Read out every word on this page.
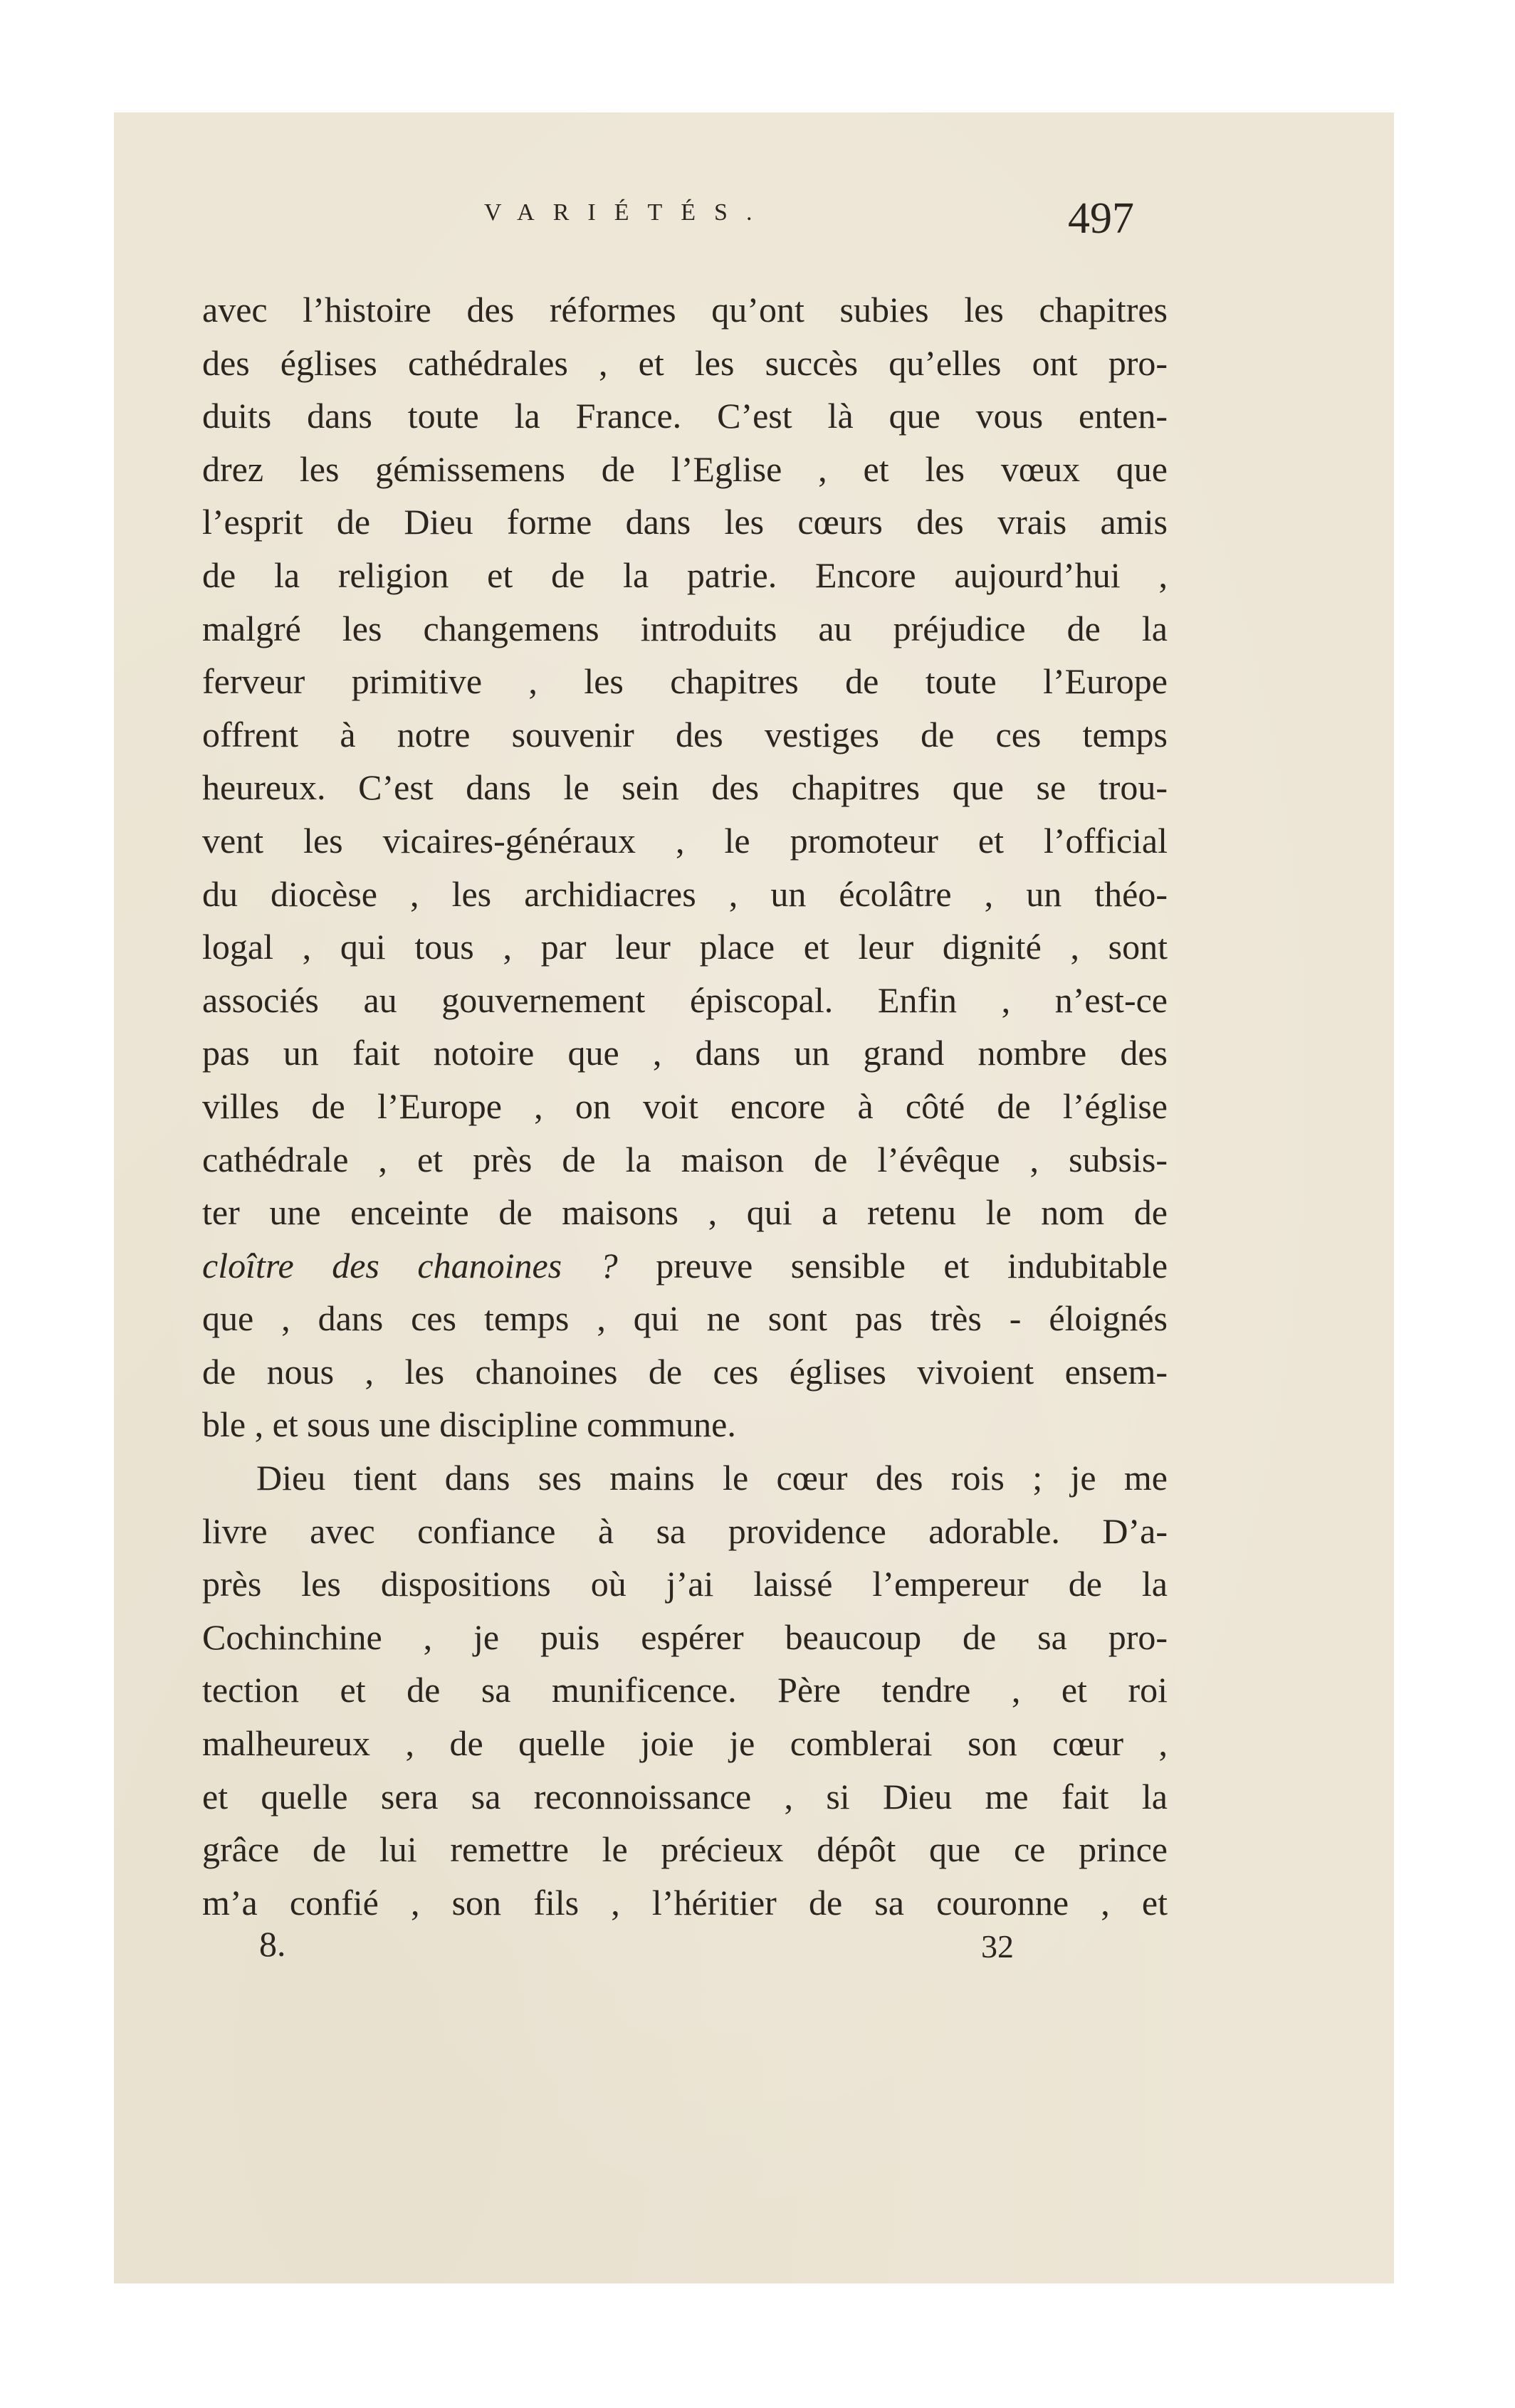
VARIÉTÉS.	497
avec l’histoire des réformes qu’ont subies les chapitres
des églises cathédrales , et les succès qu’elles ont pro-
duits dans toute la France. C’est là que vous enten-
drez les gémissemens de l’Eglise , et les vœux que
l’esprit de Dieu forme dans les cœurs des vrais amis
de la religion et de la patrie. Encore aujourd’hui ,
malgré les changemens introduits au préjudice de la
ferveur primitive , les chapitres de toute l’Europe
offrent à notre souvenir des vestiges de ces temps
heureux. C’est dans le sein des chapitres que se trou-
vent les vicaires-généraux , le promoteur et l’official
du diocèse , les archidiacres , un écolâtre , un théo-
logal , qui tous , par leur place et leur dignité , sont
associés au gouvernement épiscopal. Enfin , n’est-ce
pas un fait notoire que , dans un grand nombre des
villes de l’Europe , on voit encore à côté de l’église
cathédrale , et près de la maison de l’évêque , subsis-
ter une enceinte de maisons , qui a retenu le nom de
cloître des chanoines ? preuve sensible et indubitable
que , dans ces temps , qui ne sont pas très - éloignés
de nous , les chanoines de ces églises vivoient ensem-
ble , et sous une discipline commune.
Dieu tient dans ses mains le cœur des rois ; je me
livre avec confiance à sa providence adorable. D’a-
près les dispositions où j’ai laissé l’empereur de la
Cochinchine , je puis espérer beaucoup de sa pro-
tection et de sa munificence. Père tendre , et roi
malheureux , de quelle joie je comblerai son cœur ,
et quelle sera sa reconnoissance , si Dieu me fait la
grâce de lui remettre le précieux dépôt que ce prince
m’a confié , son fils , l’héritier de sa couronne , et
8.	32
